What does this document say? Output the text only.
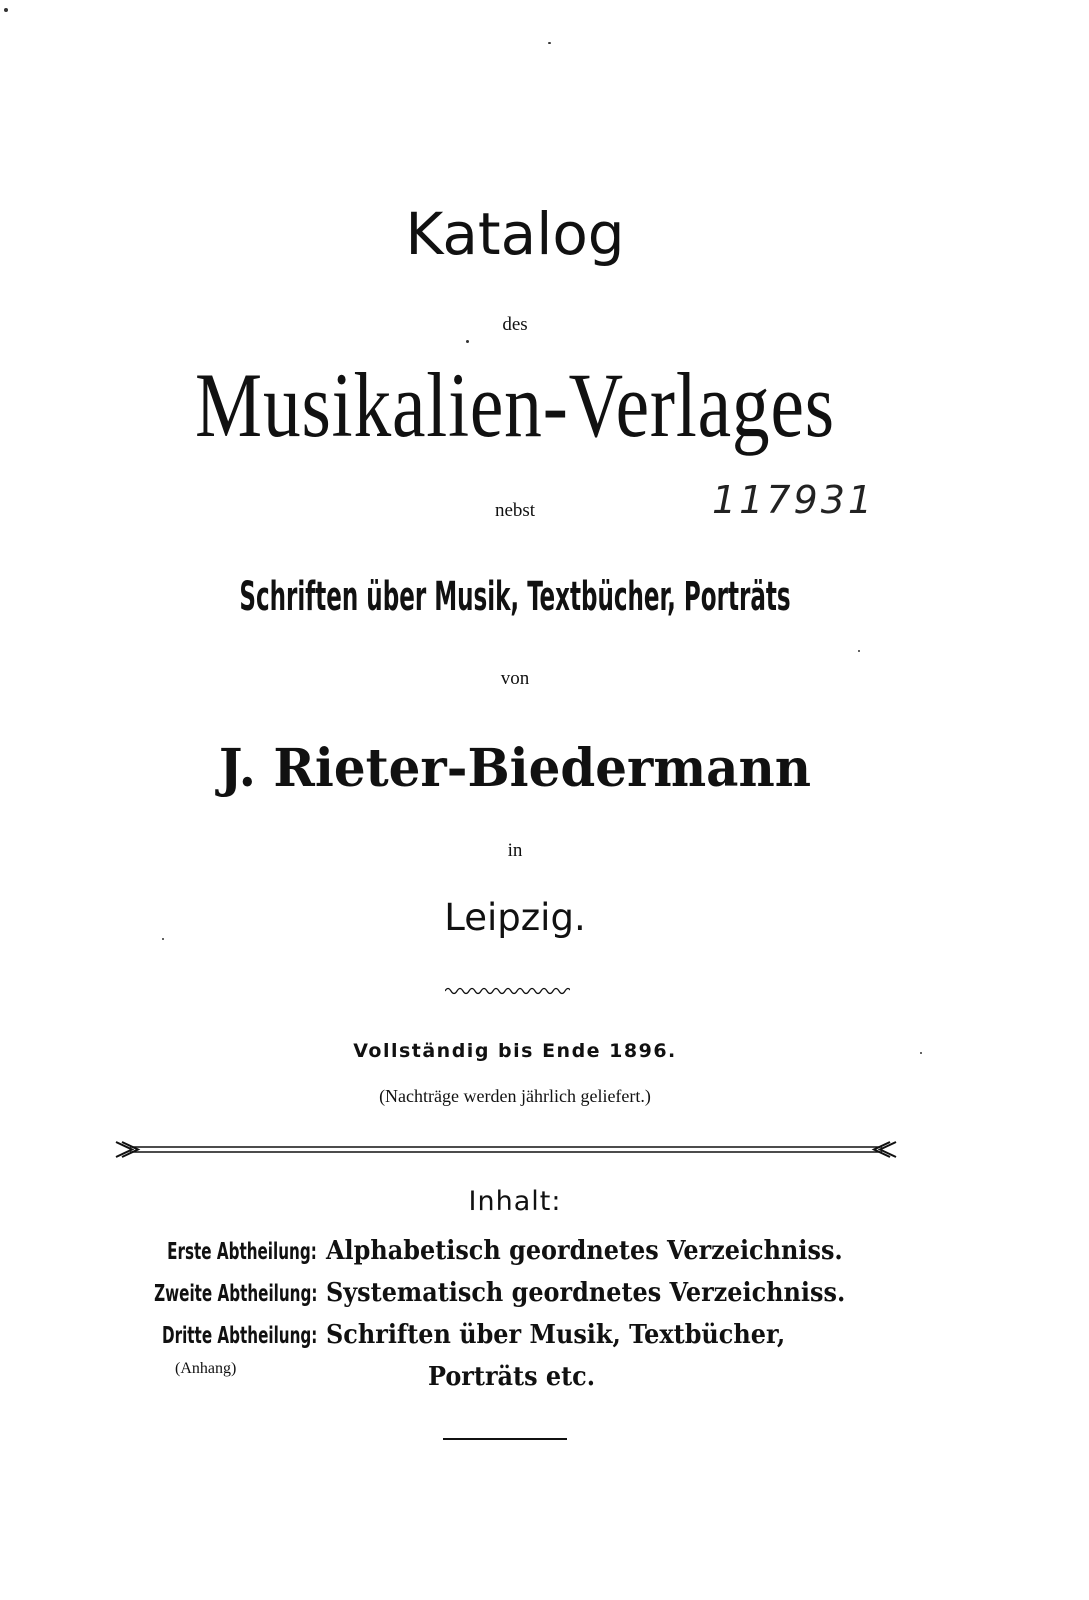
Katalog
des
Musikalien-Verlages
nebst	117931
Schriften über Musik, Textbücher, Porträts
von
J. Rieter-Biedermann
in
Leipzig.
Vollständig bis Ende 1896.
(Nachträge werden jährlich geliefert.)
Inhalt:
Erste Abtheilung: Alphabetisch geordnetes Verzeichniss.
Zweite Abtheilung: Systematisch geordnetes Verzeichniss.
Dritte Abtheilung: Schriften über Musik, Textbücher,
(Anhang)	Porträts etc.
